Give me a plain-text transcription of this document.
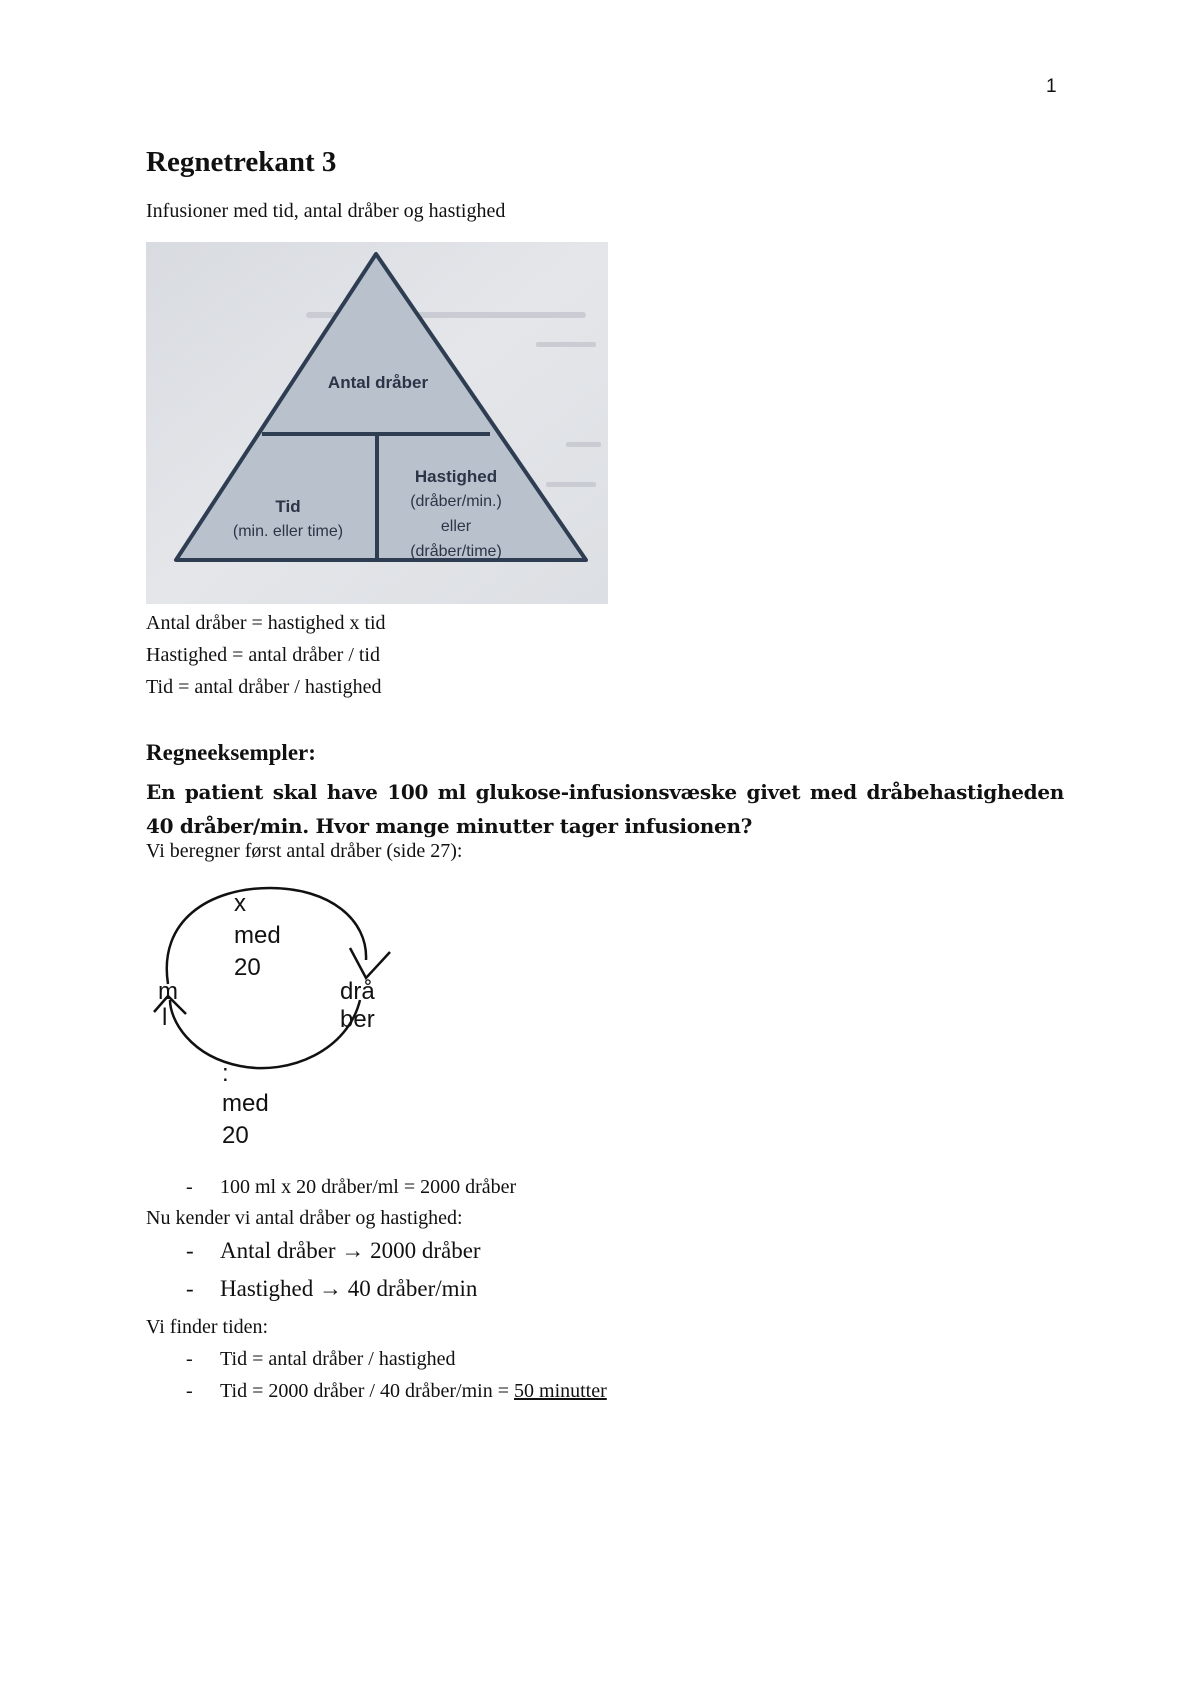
1
Regnetrekant 3
Infusioner med tid, antal dråber og hastighed
Antal dråber
Tid
(min. eller time)
Hastighed
(dråber/min.)
eller
(dråber/time)
Antal dråber = hastighed x tid
Hastighed = antal dråber / tid
Tid = antal dråber / hastighed
Regneeksempler:
En patient skal have 100 ml glukose-infusionsvæske givet med dråbehastigheden 40 dråber/min. Hvor mange minutter tager infusionen?
Vi beregner først antal dråber (side 27):
x
med
20
m
l
drå
ber
:
med
20
- 100 ml x 20 dråber/ml = 2000 dråber
Nu kender vi antal dråber og hastighed:
- Antal dråber → 2000 dråber
- Hastighed → 40 dråber/min
Vi finder tiden:
- Tid = antal dråber / hastighed
- Tid = 2000 dråber / 40 dråber/min = 50 minutter
